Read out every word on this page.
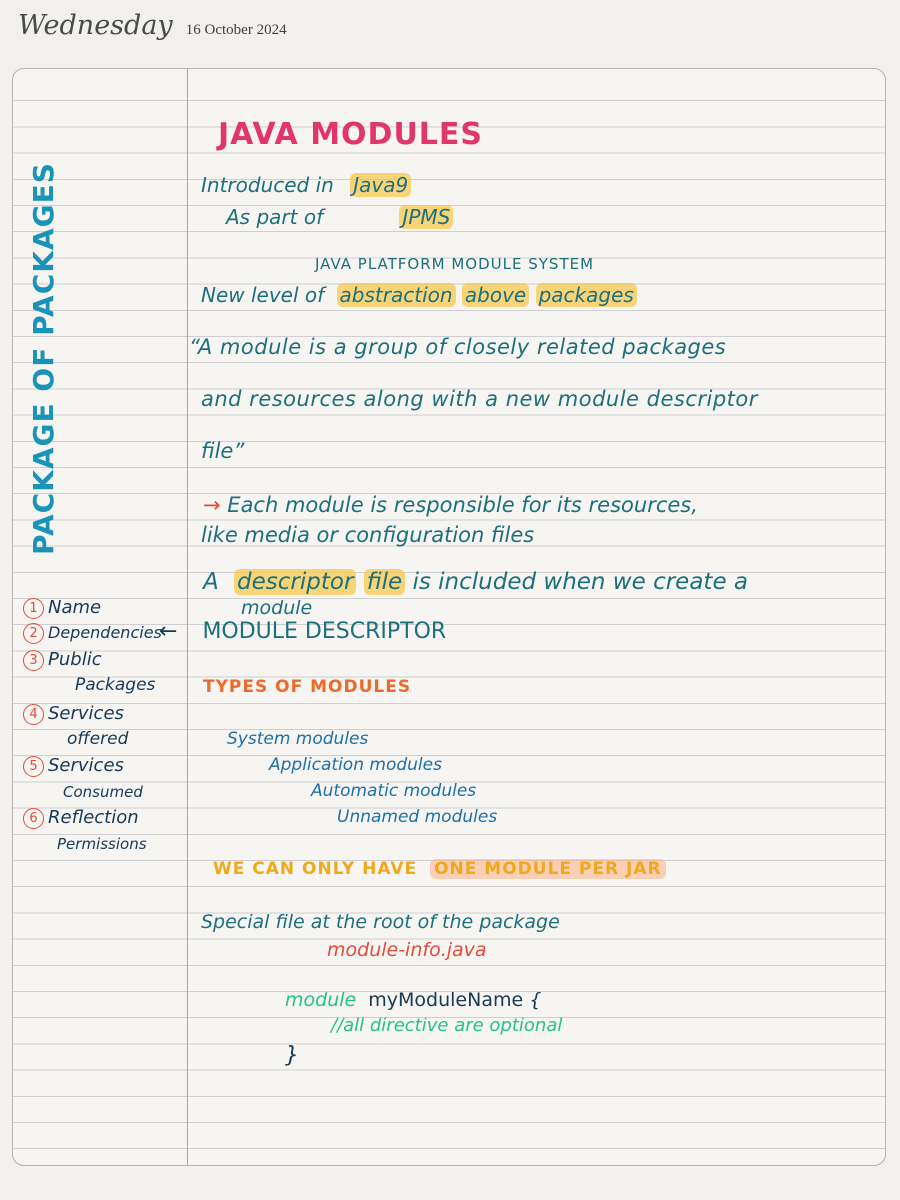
Wednesday 16 October 2024
PACKAGE OF PACKAGES
JAVA MODULES
Introduced in Java9
As part of	JPMS
JAVA PLATFORM MODULE SYSTEM
New level of abstraction above packages
“A module is a group of closely related packages
and resources along with a new module descriptor
file”
→ Each module is responsible for its resources,
like media or configuration files
A descriptor file is included when we create a
module
← MODULE DESCRIPTOR
1 Name
2 Dependencies
3 Public
Packages
4 Services
offered
5 Services
Consumed
6 Reflection
Permissions
TYPES OF MODULES
System modules
Application modules
Automatic modules
Unnamed modules
WE CAN ONLY HAVE ONE MODULE PER JAR
Special file at the root of the package
module-info.java
module myModuleName {
//all directive are optional
}
